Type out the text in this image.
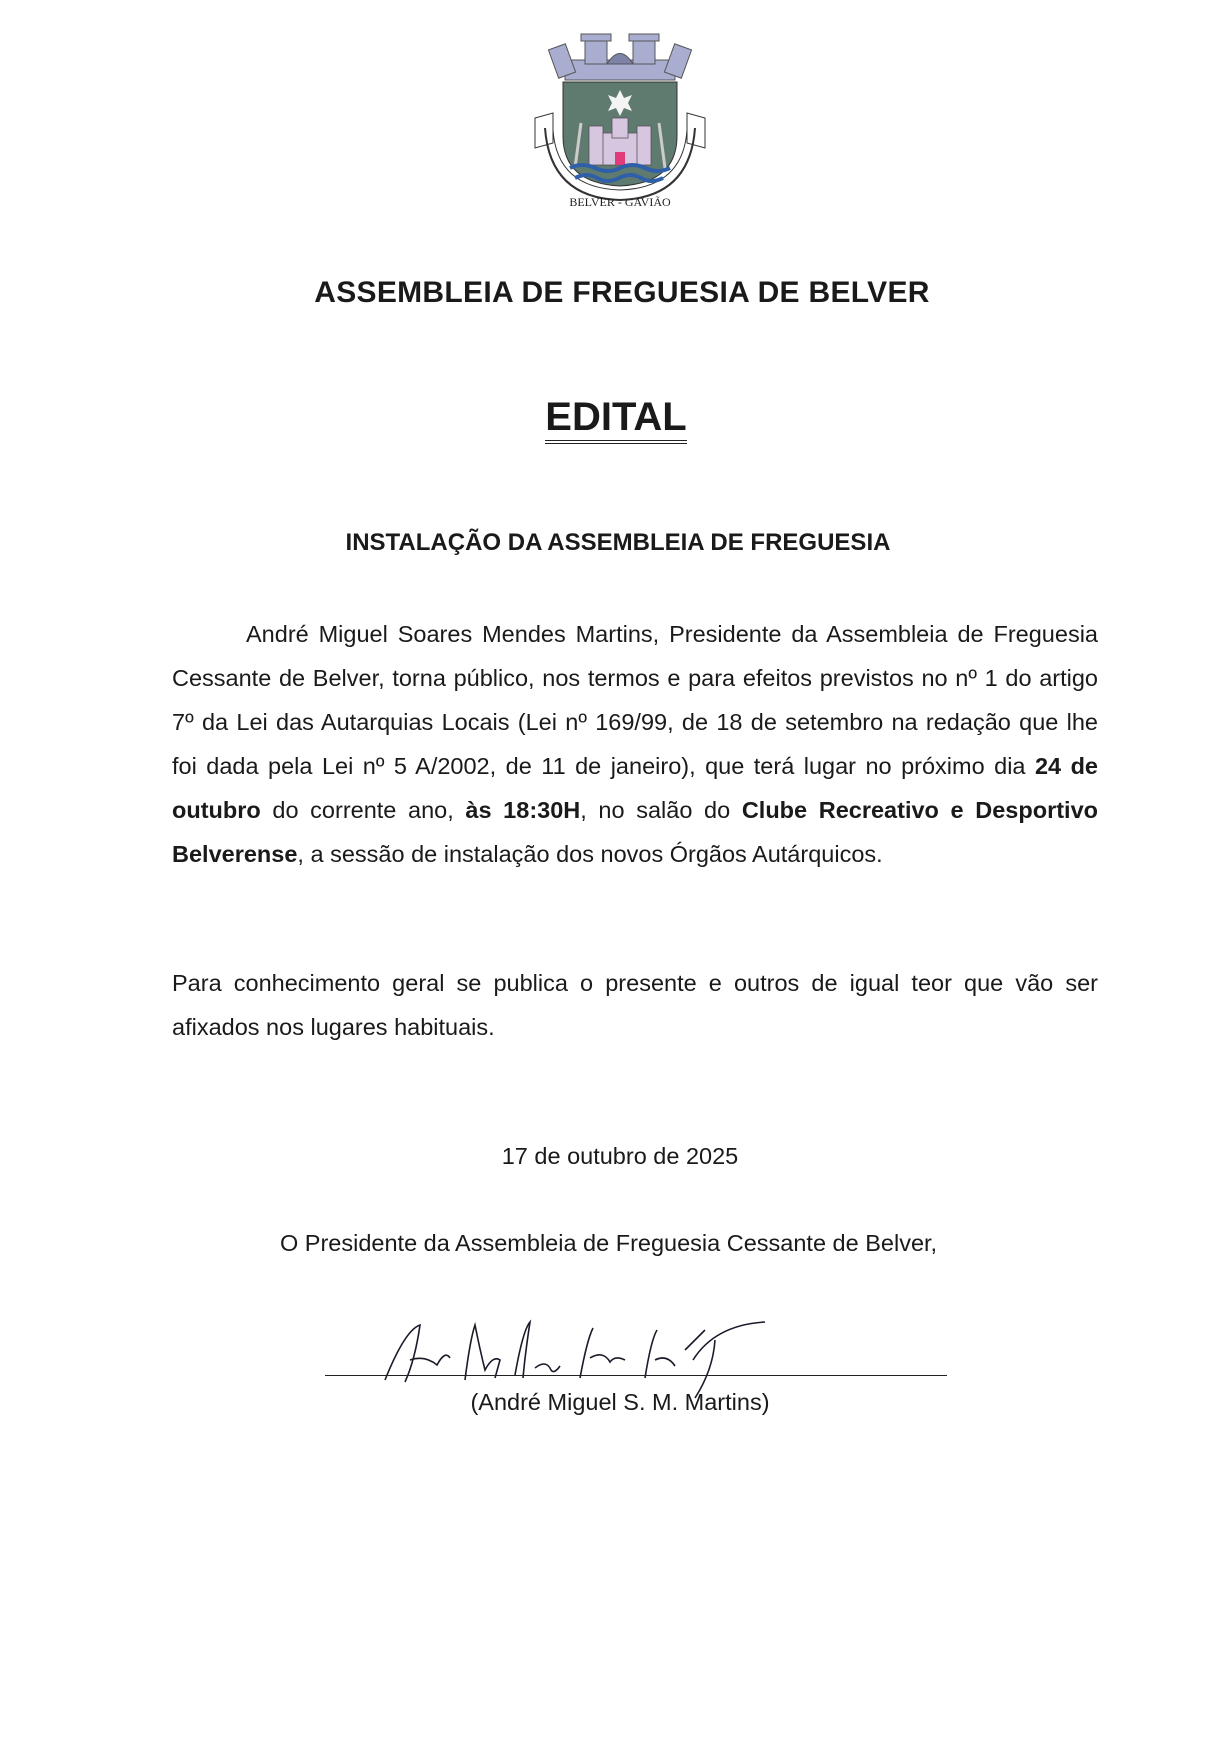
BELVER - GAVIÃO
ASSEMBLEIA DE FREGUESIA DE BELVER
EDITAL
INSTALAÇÃO DA ASSEMBLEIA DE FREGUESIA
André Miguel Soares Mendes Martins, Presidente da Assembleia de Freguesia Cessante de Belver, torna público, nos termos e para efeitos previstos no nº 1 do artigo 7º da Lei das Autarquias Locais (Lei nº 169/99, de 18 de setembro na redação que lhe foi dada pela Lei nº 5 A/2002, de 11 de janeiro), que terá lugar no próximo dia 24 de outubro do corrente ano, às 18:30H, no salão do Clube Recreativo e Desportivo Belverense, a sessão de instalação dos novos Órgãos Autárquicos.
Para conhecimento geral se publica o presente e outros de igual teor que vão ser afixados nos lugares habituais.
17 de outubro de 2025
O Presidente da Assembleia de Freguesia Cessante de Belver,
(André Miguel S. M. Martins)
